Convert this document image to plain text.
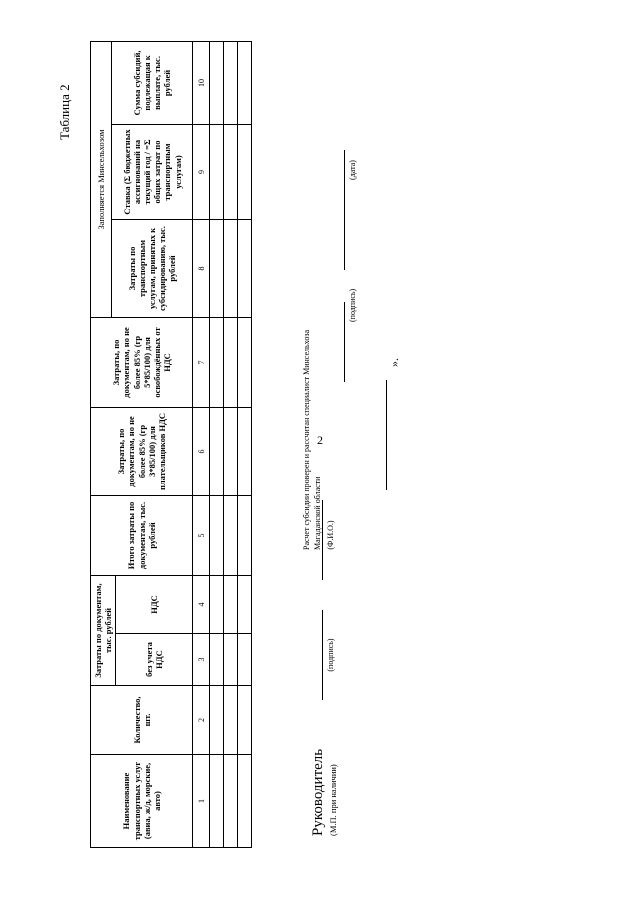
2
Таблица 2
Наименование транспортных услуг (авиа, ж/д, морские, авто)	Количество, шт.	Затраты по документам, тыс. рублей		Итого затраты по документам, тыс. рублей	Затраты, по документам, но не более 85% (гр 3*85/100) для плательщиков НДС	Затраты, по документам, но не более 85% (гр 5*85/100) для освобождённых от НДС	Заполняется Минсельхозом		
							Затраты по транспортным услугам, принятых к субсидированию, тыс. рублей	Ставка (Σ бюджетных ассигнований на текущий год / =Σ общих затрат по транспортным услугам)	Сумма субсидий, подлежащая к выплате, тыс. рублей
		без учета НДС	НДС						
1	2	3	4	5	6	7	8	9	10

Руководитель (М.П. при наличии)
(подпись)
(Ф.И.О.)
Расчет субсидии проверен и рассчитан специалист Минсельхоза Магаданской области
(подпись)
(дата)
».
